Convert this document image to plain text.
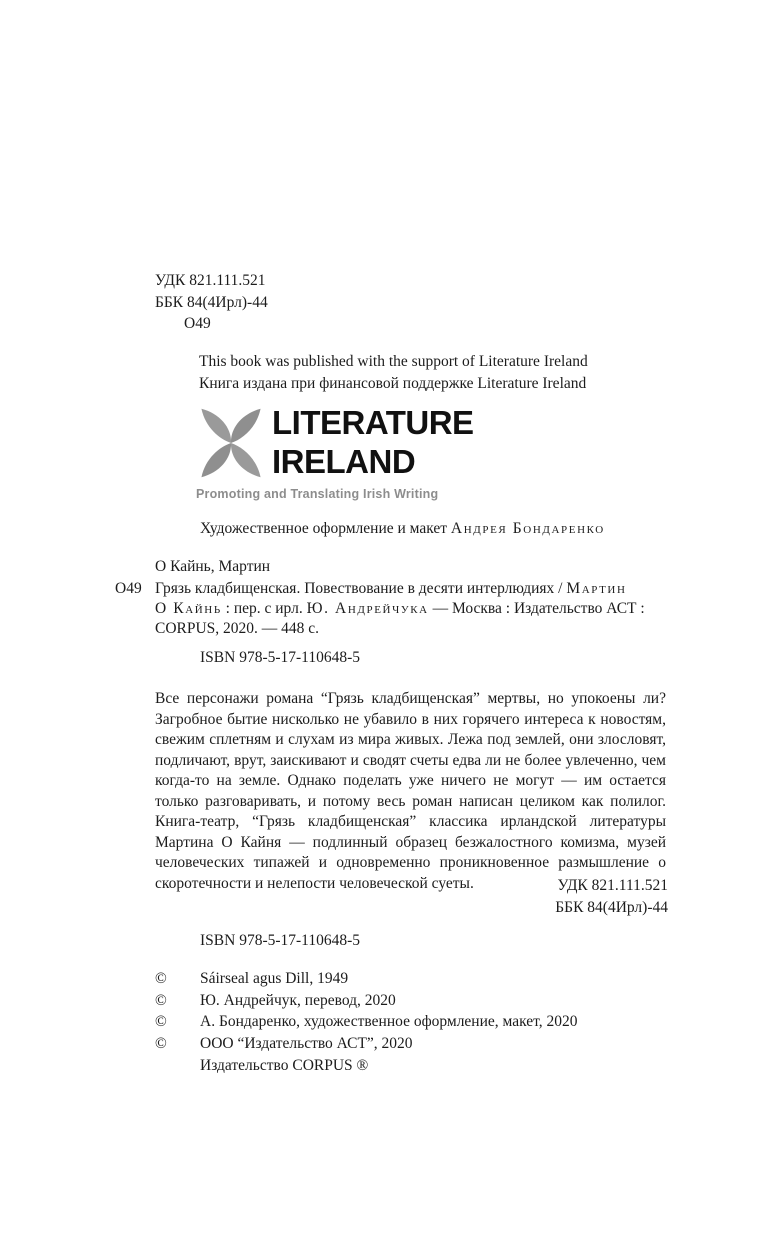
УДК 821.111.521
ББК 84(4Ирл)-44
О49
This book was published with the support of Literature Ireland
Книга издана при финансовой поддержке Literature Ireland
LITERATURE
IRELAND
Promoting and Translating Irish Writing
Художественное оформление и макет Андрея Бондаренко
О Кайнь, Мартин
О49 Грязь кладбищенская. Повествование в десяти интерлюдиях / Мартин
О Кайнь : пер. с ирл. Ю. Андрейчука — Москва : Издательство АСТ :
CORPUS, 2020. — 448 с.
ISBN 978-5-17-110648-5
Все персонажи романа “Грязь кладбищенская” мертвы, но упокоены ли? Загробное бытие нисколько не убавило в них горячего интереса к новостям, свежим сплетням и слухам из мира живых. Лежа под землей, они злословят, подличают, врут, заискивают и сводят счеты едва ли не более увлеченно, чем когда-то на земле. Однако поделать уже ничего не могут — им остается только разговаривать, и потому весь роман написан целиком как полилог. Книга-театр, “Грязь кладбищенская” классика ирландской литературы Мартина О Кайня — подлинный образец безжалостного комизма, музей человеческих типажей и одновременно проникновенное размышление о скоротечности и нелепости человеческой суеты.	УДК 821.111.521
ББК 84(4Ирл)-44
ISBN 978-5-17-110648-5
©	Sáirseal agus Dill, 1949
©	Ю. Андрейчук, перевод, 2020
©	А. Бондаренко, художественное оформление, макет, 2020
©	ООО “Издательство АСТ”, 2020
Издательство CORPUS ®
